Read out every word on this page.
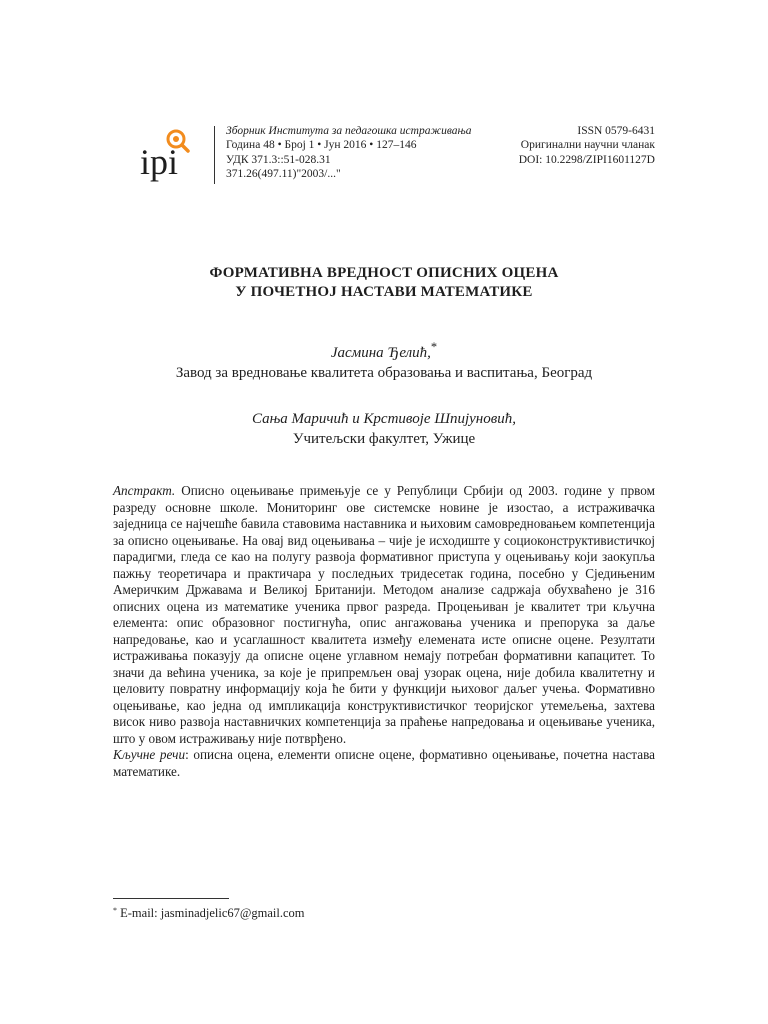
ipi
Зборник Института за педагошка истраживања
Година 48 • Број 1 • Јун 2016 • 127–146
УДК 371.3::51-028.31
371.26(497.11)"2003/..."
ISSN 0579-6431
Оригинални научни чланак
DOI: 10.2298/ZIPI1601127D
ФОРМАТИВНА ВРЕДНОСТ ОПИСНИХ ОЦЕНА
У ПОЧЕТНОЈ НАСТАВИ МАТЕМАТИКЕ
Јасмина Ђелић,*
Завод за вредновање квалитета образовања и васпитања, Београд
Сања Маричић и Крстивоје Шпијуновић,
Учитељски факултет, Ужице

Апстракт. Описно оцењивање примењује се у Републици Србији од 2003. године у првом разреду основне школе. Мониторинг ове системске новине је изостао, а истраживачка заједница се најчешће бавила ставовима наставника и њиховим самовредновањем компетенција за описно оцењивање. На овај вид оцењивања – чије је исходиште у социоконструктивистичкој парадигми, гледа се као на полугу развоја формативног приступа у оцењивању који заокупља пажњу теоретичара и практичара у последњих тридесетак година, посебно у Сједињеним Америчким Државама и Великој Британији. Методом анализе садржаја обухваћено је 316 описних оцена из математике ученика првог разреда. Процењиван је квалитет три кључна елемента: опис образовног постигнућа, опис ангажовања ученика и препорука за даље напредовање, као и усаглашност квалитета између елемената исте описне оцене. Резултати истраживања показују да описне оцене углавном немају потребан формативни капацитет. То значи да већина ученика, за које је припремљен овај узорак оцена, није добила квалитетну и целовиту повратну информацију која ће бити у функцији њиховог даљег учења. Формативно оцењивање, као једна од импликација конструктивистичког теоријског утемељења, захтева висок ниво развоја наставничких компетенција за праћење напредовања и оцењивање ученика, што у овом истраживању није потврђено.

Кључне речи: описна оцена, елементи описне оцене, формативно оцењивање, почетна настава математике.

* E-mail: jasminadjelic67@gmail.com
